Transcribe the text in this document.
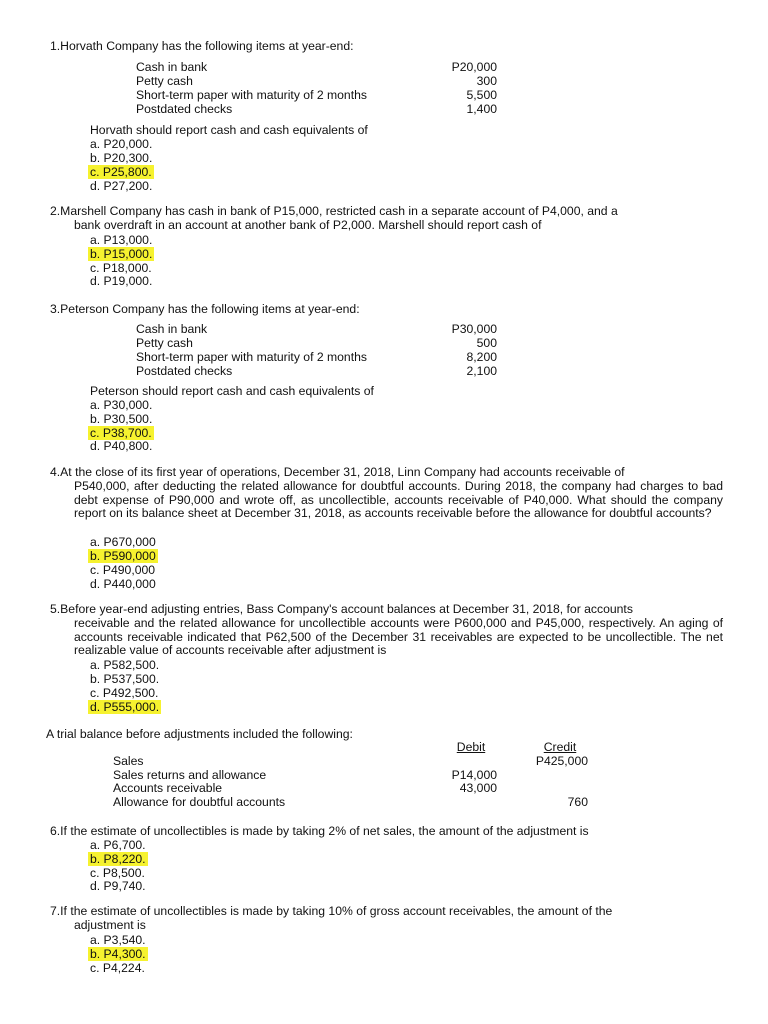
1.Horvath Company has the following items at year-end:
Cash in bank
Petty cash
Short-term paper with maturity of 2 months
Postdated checks
P20,000
300
5,500
1,400
Horvath should report cash and cash equivalents of
a. P20,000.
b. P20,300.
c. P25,800.
d. P27,200.
2.Marshell Company has cash in bank of P15,000, restricted cash in a separate account of P4,000, and a
bank overdraft in an account at another bank of P2,000. Marshell should report cash of
a. P13,000.
b. P15,000.
c. P18,000.
d. P19,000.
3.Peterson Company has the following items at year-end:
Cash in bank
Petty cash
Short-term paper with maturity of 2 months
Postdated checks
P30,000
500
8,200
2,100
Peterson should report cash and cash equivalents of
a. P30,000.
b. P30,500.
c. P38,700.
d. P40,800.
4.At the close of its first year of operations, December 31, 2018, Linn Company had accounts receivable of
P540,000, after deducting the related allowance for doubtful accounts. During 2018, the company had charges to bad debt expense of P90,000 and wrote off, as uncollectible, accounts receivable of P40,000. What should the company report on its balance sheet at December 31, 2018, as accounts receivable before the allowance for doubtful accounts?
a. P670,000
b. P590,000
c. P490,000
d. P440,000
5.Before year-end adjusting entries, Bass Company's account balances at December 31, 2018, for accounts
receivable and the related allowance for uncollectible accounts were P600,000 and P45,000, respectively. An aging of accounts receivable indicated that P62,500 of the December 31 receivables are expected to be uncollectible. The net realizable value of accounts receivable after adjustment is
a. P582,500.
b. P537,500.
c. P492,500.
d. P555,000.
A trial balance before adjustments included the following:
Debit	Credit
Sales
Sales returns and allowance
Accounts receivable
Allowance for doubtful accounts
P425,000
P14,000
43,000
760
6.If the estimate of uncollectibles is made by taking 2% of net sales, the amount of the adjustment is
a. P6,700.
b. P8,220.
c. P8,500.
d. P9,740.
7.If the estimate of uncollectibles is made by taking 10% of gross account receivables, the amount of the
adjustment is
a. P3,540.
b. P4,300.
c. P4,224.
